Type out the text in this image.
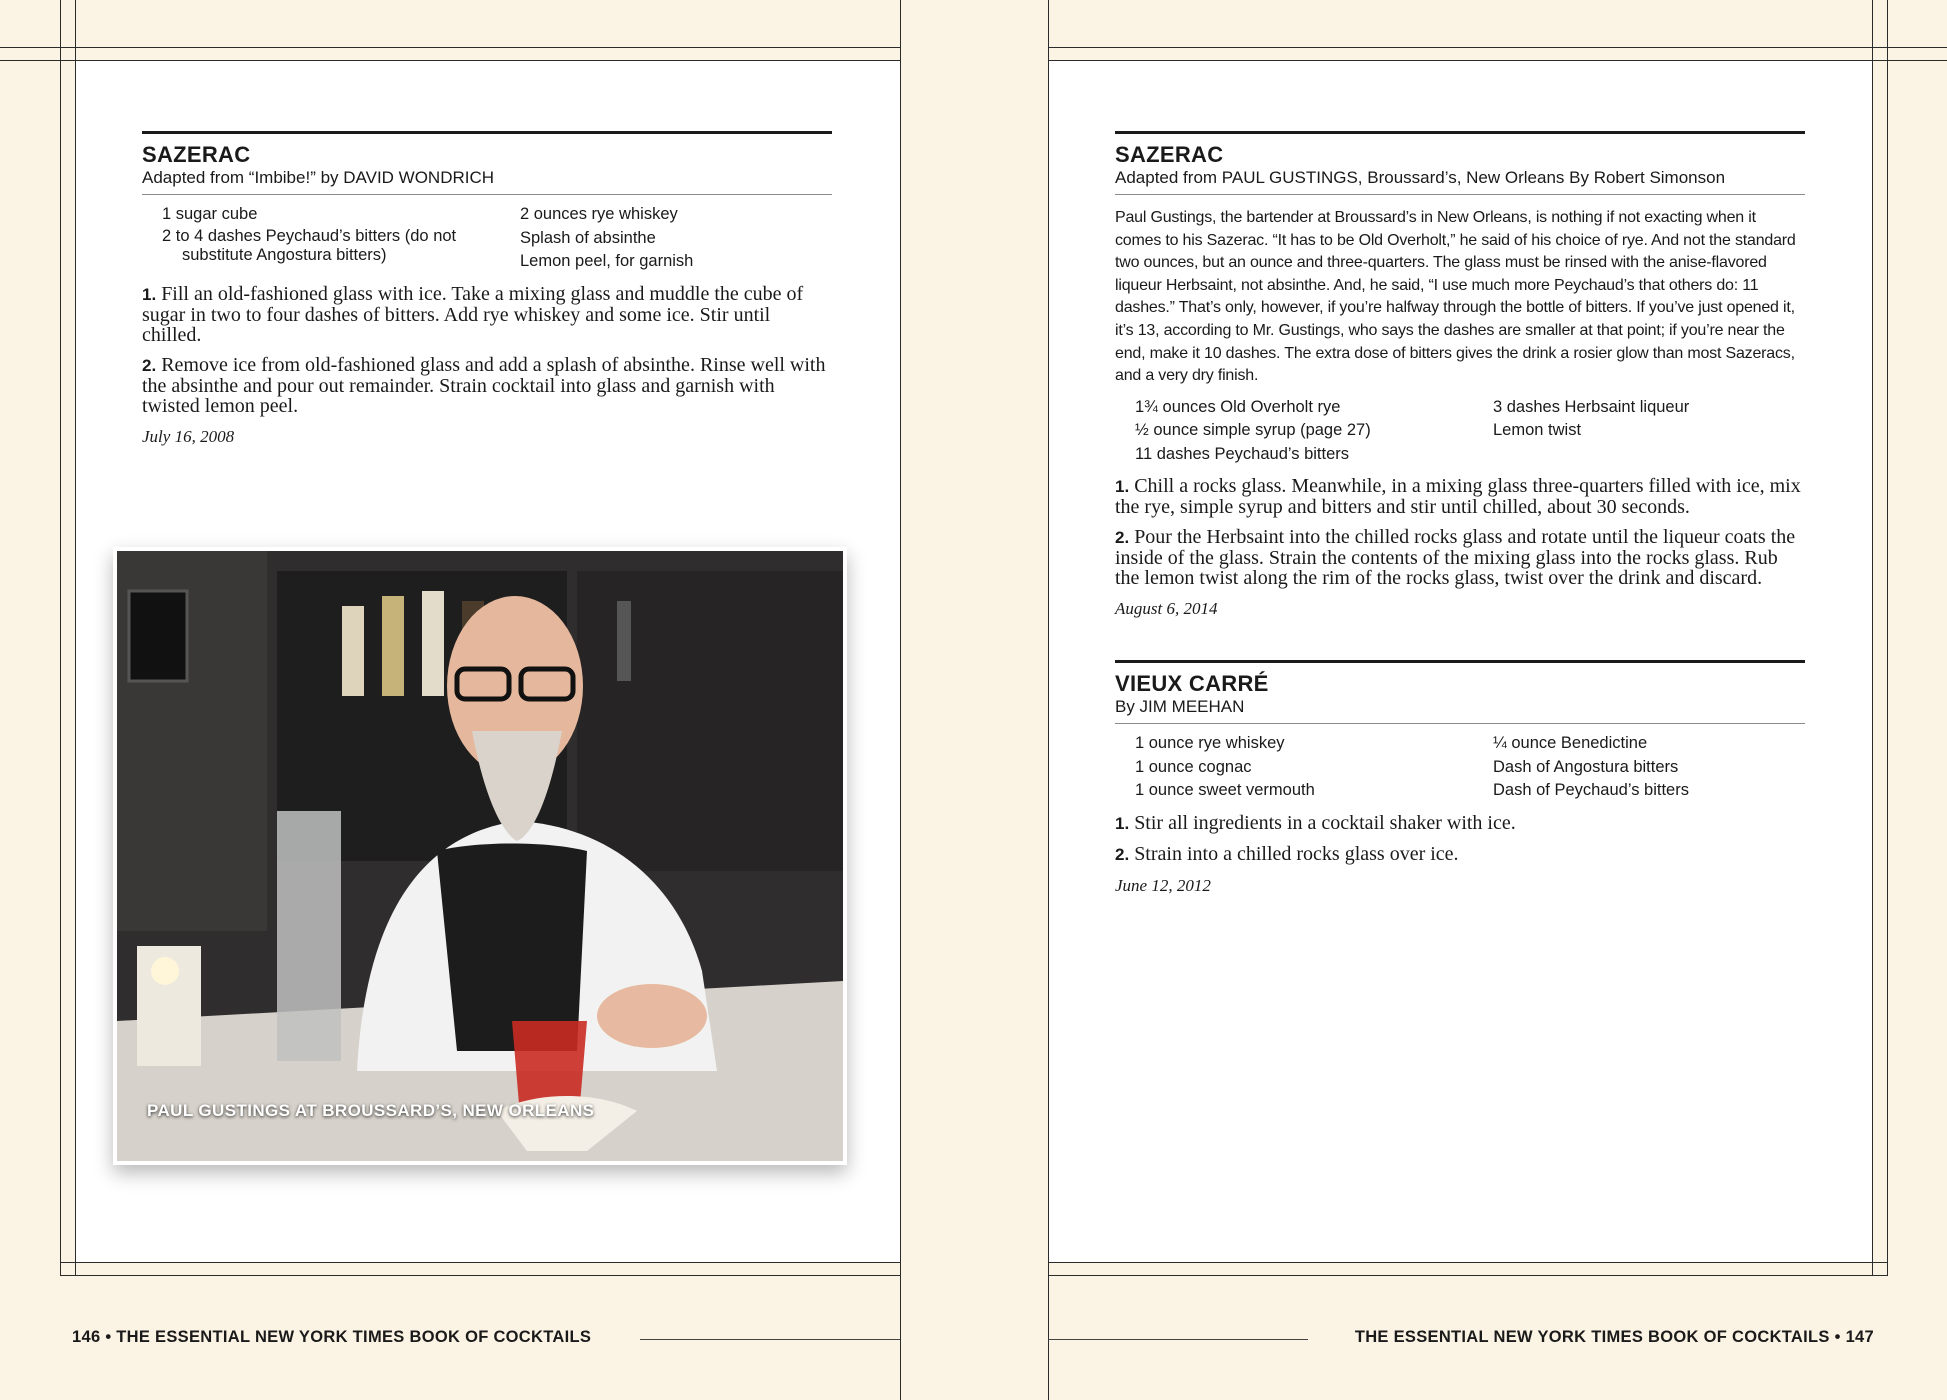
SAZERAC
Adapted from “Imbibe!” by DAVID WONDRICH
1 sugar cube
2 to 4 dashes Peychaud’s bitters (do not substitute Angostura bitters)
2 ounces rye whiskey
Splash of absinthe
Lemon peel, for garnish
1. Fill an old-fashioned glass with ice. Take a mixing glass and muddle the cube of sugar in two to four dashes of bitters. Add rye whiskey and some ice. Stir until chilled.
2. Remove ice from old-fashioned glass and add a splash of absinthe. Rinse well with the absinthe and pour out remainder. Strain cocktail into glass and garnish with twisted lemon peel.
July 16, 2008
PAUL GUSTINGS AT BROUSSARD’S, NEW ORLEANS
SAZERAC
Adapted from PAUL GUSTINGS, Broussard’s, New Orleans By Robert Simonson
Paul Gustings, the bartender at Broussard’s in New Orleans, is nothing if not exacting when it comes to his Sazerac. “It has to be Old Overholt,” he said of his choice of rye. And not the standard two ounces, but an ounce and three-quarters. The glass must be rinsed with the anise-flavored liqueur Herbsaint, not absinthe. And, he said, “I use much more Peychaud’s that others do: 11 dashes.” That’s only, however, if you’re halfway through the bottle of bitters. If you’ve just opened it, it’s 13, according to Mr. Gustings, who says the dashes are smaller at that point; if you’re near the end, make it 10 dashes. The extra dose of bitters gives the drink a rosier glow than most Sazeracs, and a very dry finish.
1¾ ounces Old Overholt rye
½ ounce simple syrup (page 27)
11 dashes Peychaud’s bitters
3 dashes Herbsaint liqueur
Lemon twist
1. Chill a rocks glass. Meanwhile, in a mixing glass three-quarters filled with ice, mix the rye, simple syrup and bitters and stir until chilled, about 30 seconds.
2. Pour the Herbsaint into the chilled rocks glass and rotate until the liqueur coats the inside of the glass. Strain the contents of the mixing glass into the rocks glass. Rub the lemon twist along the rim of the rocks glass, twist over the drink and discard.
August 6, 2014
VIEUX CARRÉ
By JIM MEEHAN
1 ounce rye whiskey
1 ounce cognac
1 ounce sweet vermouth
¼ ounce Benedictine
Dash of Angostura bitters
Dash of Peychaud’s bitters
1. Stir all ingredients in a cocktail shaker with ice.
2. Strain into a chilled rocks glass over ice.
June 12, 2012
146 • THE ESSENTIAL NEW YORK TIMES BOOK OF COCKTAILS	THE ESSENTIAL NEW YORK TIMES BOOK OF COCKTAILS • 147
